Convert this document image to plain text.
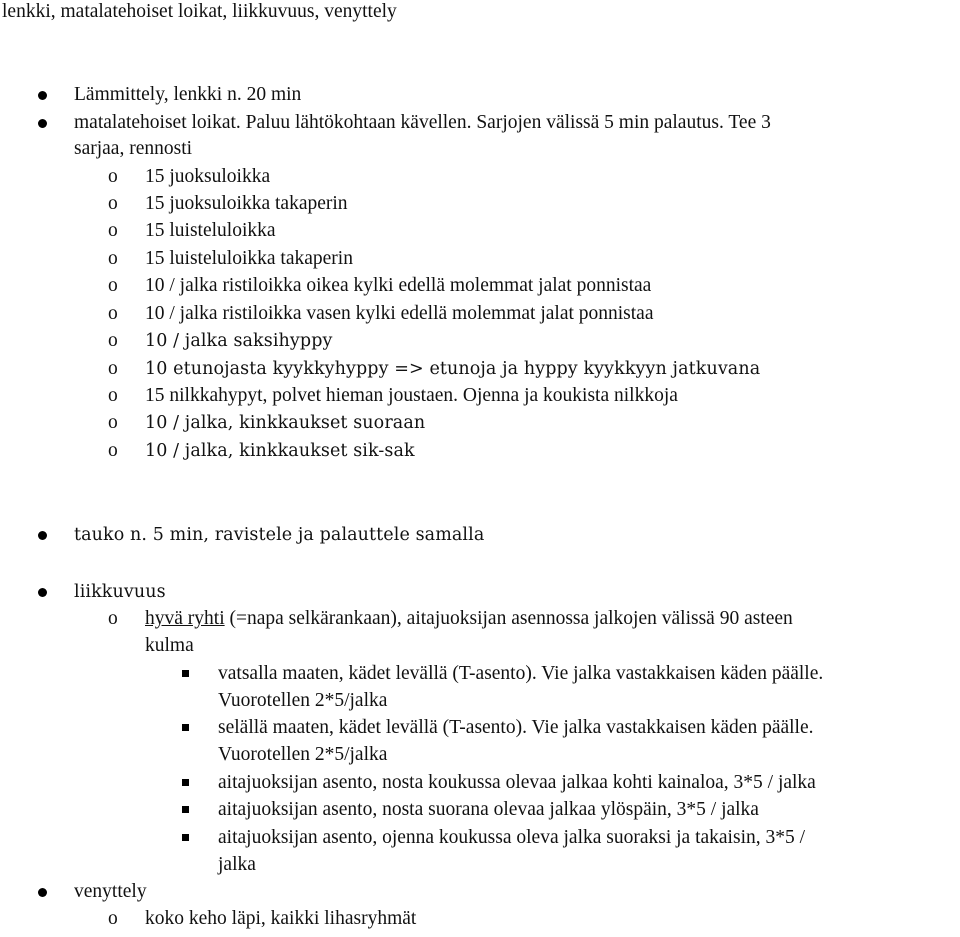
lenkki, matalatehoiset loikat, liikkuvuus, venyttely
Lämmittely, lenkki n. 20 min
matalatehoiset loikat. Paluu lähtökohtaan kävellen. Sarjojen välissä 5 min palautus. Tee 3
sarjaa, rennosti
o 15 juoksuloikka
o 15 juoksuloikka takaperin
o 15 luisteluloikka
o 15 luisteluloikka takaperin
o 10 / jalka ristiloikka oikea kylki edellä molemmat jalat ponnistaa
o 10 / jalka ristiloikka vasen kylki edellä molemmat jalat ponnistaa
o 10 / jalka saksihyppy
o 10 etunojasta kyykkyhyppy => etunoja ja hyppy kyykkyyn jatkuvana
o 15 nilkkahypyt, polvet hieman joustaen. Ojenna ja koukista nilkkoja
o 10 / jalka, kinkkaukset suoraan
o 10 / jalka, kinkkaukset sik-sak
tauko n. 5 min, ravistele ja palauttele samalla
liikkuvuus
o hyvä ryhti (=napa selkärankaan), aitajuoksijan asennossa jalkojen välissä 90 asteen
kulma
vatsalla maaten, kädet levällä (T-asento). Vie jalka vastakkaisen käden päälle.
Vuorotellen 2*5/jalka
selällä maaten, kädet levällä (T-asento). Vie jalka vastakkaisen käden päälle.
Vuorotellen 2*5/jalka
aitajuoksijan asento, nosta koukussa olevaa jalkaa kohti kainaloa, 3*5 / jalka
aitajuoksijan asento, nosta suorana olevaa jalkaa ylöspäin, 3*5 / jalka
aitajuoksijan asento, ojenna koukussa oleva jalka suoraksi ja takaisin, 3*5 /
jalka
venyttely
o koko keho läpi, kaikki lihasryhmät
